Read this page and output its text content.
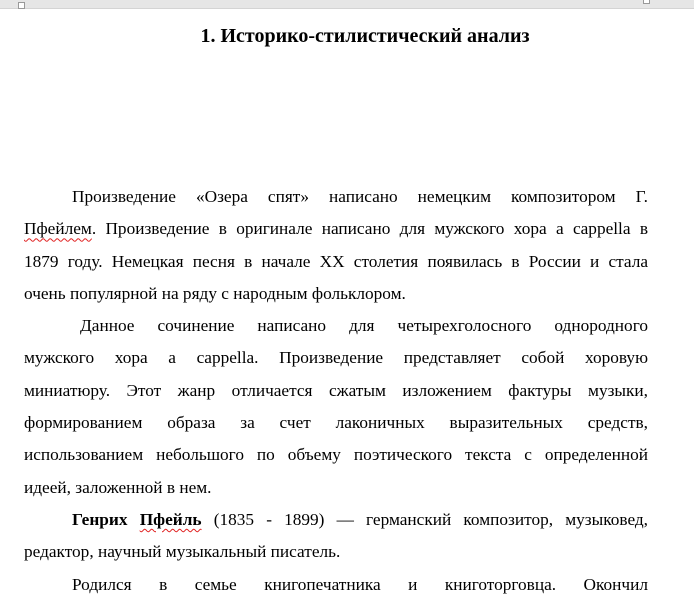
1. Историко-стилистический анализ
Произведение «Озера спят» написано немецким композитором Г.
Пфейлем. Произведение в оригинале написано для мужского хора a cappella в
1879 году. Немецкая песня в начале XX столетия появилась в России и стала
очень популярной на ряду с народным фольклором.
Данное сочинение написано для четырехголосного однородного
мужского хора a cappella. Произведение представляет собой хоровую
миниатюру. Этот жанр отличается сжатым изложением фактуры музыки,
формированием образа за счет лаконичных выразительных средств,
использованием небольшого по объему поэтического текста с определенной
идеей, заложенной в нем.
Генрих Пфейль (1835 - 1899) — германский композитор, музыковед,
редактор, научный музыкальный писатель.
Родился в семье книгопечатника и книготорговца. Окончил
